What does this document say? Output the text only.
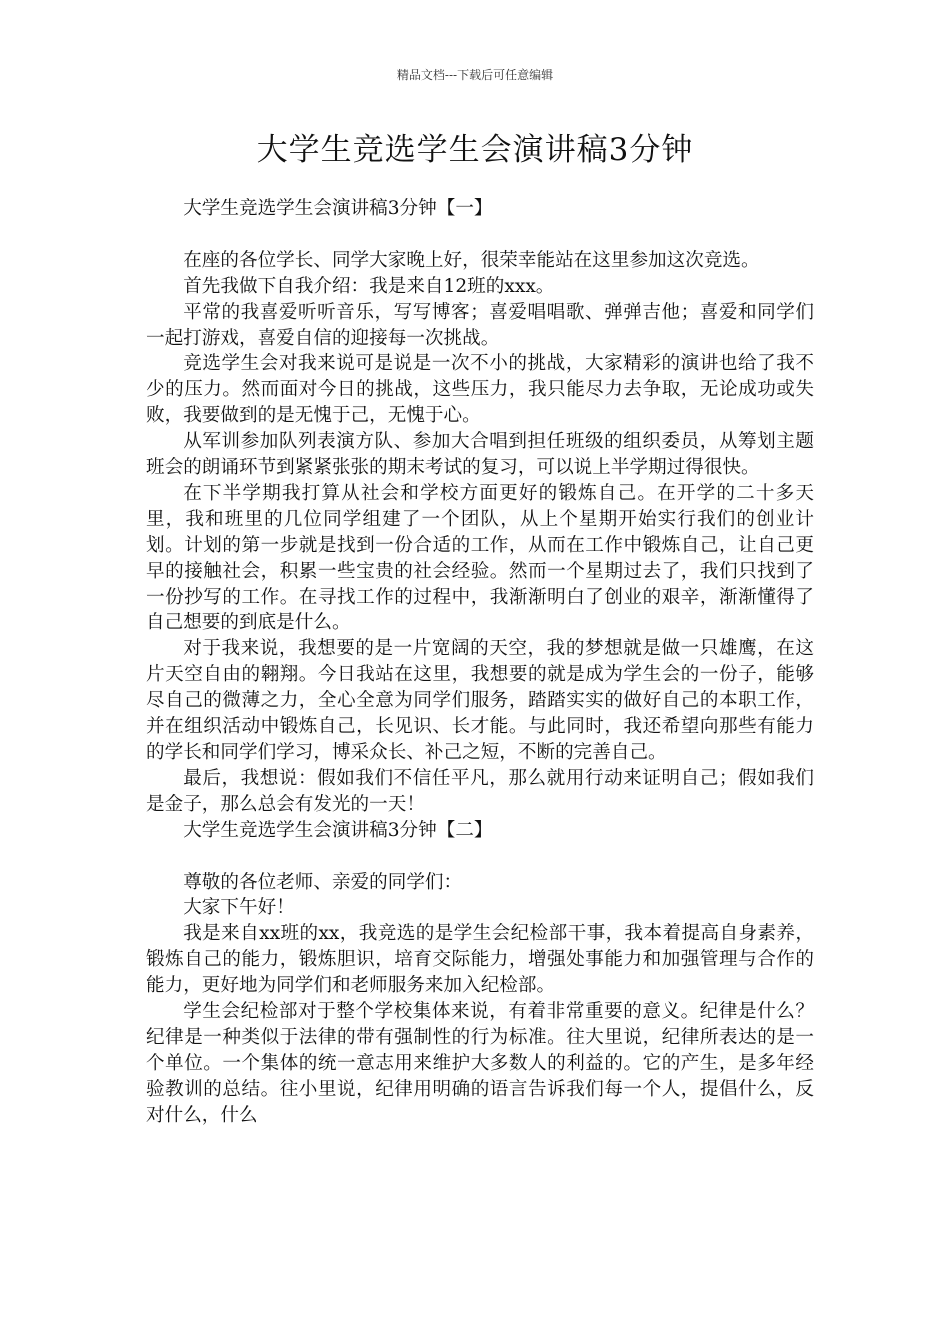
精品文档---下载后可任意编辑
大学生竞选学生会演讲稿3分钟

大学生竞选学生会演讲稿3分钟【一】

在座的各位学长、同学大家晚上好，很荣幸能站在这里参加这次竞选。

首先我做下自我介绍：我是来自12班的xxx。

平常的我喜爱听听音乐，写写博客；喜爱唱唱歌、弹弹吉他；喜爱和同学们一起打游戏，喜爱自信的迎接每一次挑战。

竞选学生会对我来说可是说是一次不小的挑战，大家精彩的演讲也给了我不少的压力。然而面对今日的挑战，这些压力，我只能尽力去争取，无论成功或失败，我要做到的是无愧于己，无愧于心。

从军训参加队列表演方队、参加大合唱到担任班级的组织委员，从筹划主题班会的朗诵环节到紧紧张张的期末考试的复习，可以说上半学期过得很快。

在下半学期我打算从社会和学校方面更好的锻炼自己。在开学的二十多天里，我和班里的几位同学组建了一个团队，从上个星期开始实行我们的创业计划。计划的第一步就是找到一份合适的工作，从而在工作中锻炼自己，让自己更早的接触社会，积累一些宝贵的社会经验。然而一个星期过去了，我们只找到了一份抄写的工作。在寻找工作的过程中，我渐渐明白了创业的艰辛，渐渐懂得了自己想要的到底是什么。

对于我来说，我想要的是一片宽阔的天空，我的梦想就是做一只雄鹰，在这片天空自由的翱翔。今日我站在这里，我想要的就是成为学生会的一份子，能够尽自己的微薄之力，全心全意为同学们服务，踏踏实实的做好自己的本职工作，并在组织活动中锻炼自己，长见识、长才能。与此同时，我还希望向那些有能力的学长和同学们学习，博采众长、补己之短，不断的完善自己。

最后，我想说：假如我们不信任平凡，那么就用行动来证明自己；假如我们是金子，那么总会有发光的一天！

大学生竞选学生会演讲稿3分钟【二】

尊敬的各位老师、亲爱的同学们：

大家下午好！

我是来自xx班的xx，我竞选的是学生会纪检部干事，我本着提高自身素养，锻炼自己的能力，锻炼胆识，培育交际能力，增强处事能力和加强管理与合作的能力，更好地为同学们和老师服务来加入纪检部。

学生会纪检部对于整个学校集体来说，有着非常重要的意义。纪律是什么？纪律是一种类似于法律的带有强制性的行为标准。往大里说，纪律所表达的是一个单位。一个集体的统一意志用来维护大多数人的利益的。它的产生，是多年经验教训的总结。往小里说，纪律用明确的语言告诉我们每一个人，提倡什么，反对什么，什么
